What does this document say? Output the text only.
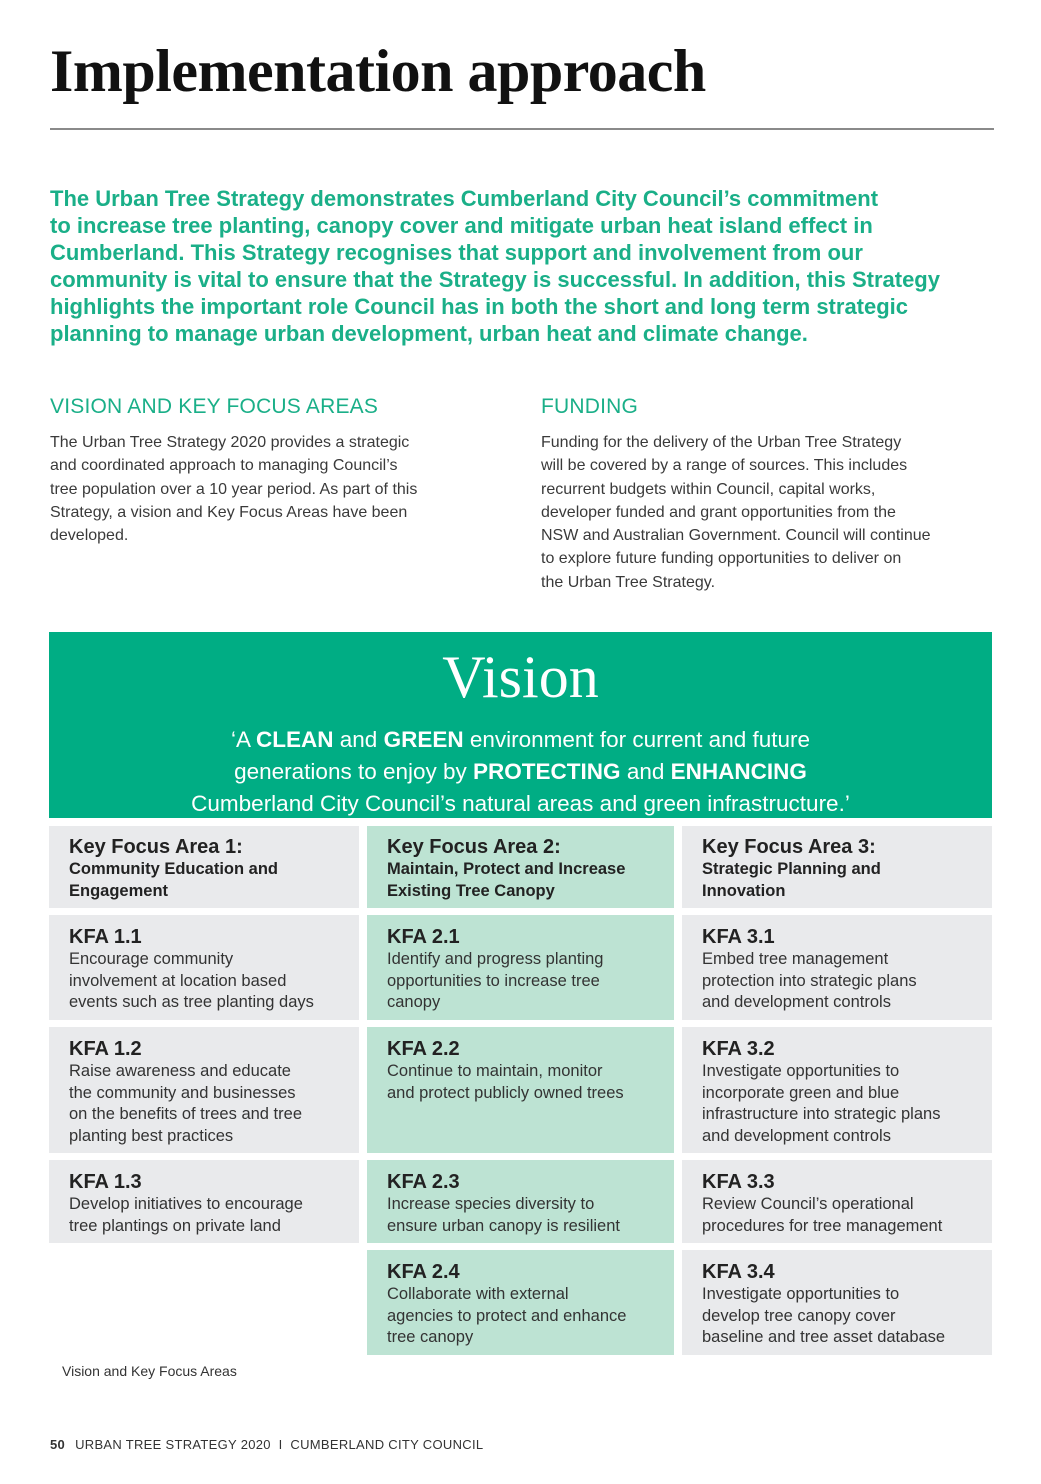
Implementation approach
The Urban Tree Strategy demonstrates Cumberland City Council’s commitment
to increase tree planting, canopy cover and mitigate urban heat island effect in
Cumberland. This Strategy recognises that support and involvement from our
community is vital to ensure that the Strategy is successful. In addition, this Strategy
highlights the important role Council has in both the short and long term strategic
planning to manage urban development, urban heat and climate change.
VISION AND KEY FOCUS AREAS

The Urban Tree Strategy 2020 provides a strategic
and coordinated approach to managing Council’s
tree population over a 10 year period. As part of this
Strategy, a vision and Key Focus Areas have been
developed.

FUNDING

Funding for the delivery of the Urban Tree Strategy
will be covered by a range of sources. This includes
recurrent budgets within Council, capital works,
developer funded and grant opportunities from the
NSW and Australian Government. Council will continue
to explore future funding opportunities to deliver on
the Urban Tree Strategy.

Vision
‘A CLEAN and GREEN environment for current and future
generations to enjoy by PROTECTING and ENHANCING
Cumberland City Council’s natural areas and green infrastructure.’
Key Focus Area 1:
Community Education and
Engagement
KFA 1.1
Encourage community
involvement at location based
events such as tree planting days
KFA 1.2
Raise awareness and educate
the community and businesses
on the benefits of trees and tree
planting best practices
KFA 1.3
Develop initiatives to encourage
tree plantings on private land
Key Focus Area 2:
Maintain, Protect and Increase
Existing Tree Canopy
KFA 2.1
Identify and progress planting
opportunities to increase tree
canopy
KFA 2.2
Continue to maintain, monitor
and protect publicly owned trees
KFA 2.3
Increase species diversity to
ensure urban canopy is resilient
KFA 2.4
Collaborate with external
agencies to protect and enhance
tree canopy
Key Focus Area 3:
Strategic Planning and
Innovation
KFA 3.1
Embed tree management
protection into strategic plans
and development controls
KFA 3.2
Investigate opportunities to
incorporate green and blue
infrastructure into strategic plans
and development controls
KFA 3.3
Review Council’s operational
procedures for tree management
KFA 3.4
Investigate opportunities to
develop tree canopy cover
baseline and tree asset database
Vision and Key Focus Areas
50 URBAN TREE STRATEGY 2020  I  CUMBERLAND CITY COUNCIL
